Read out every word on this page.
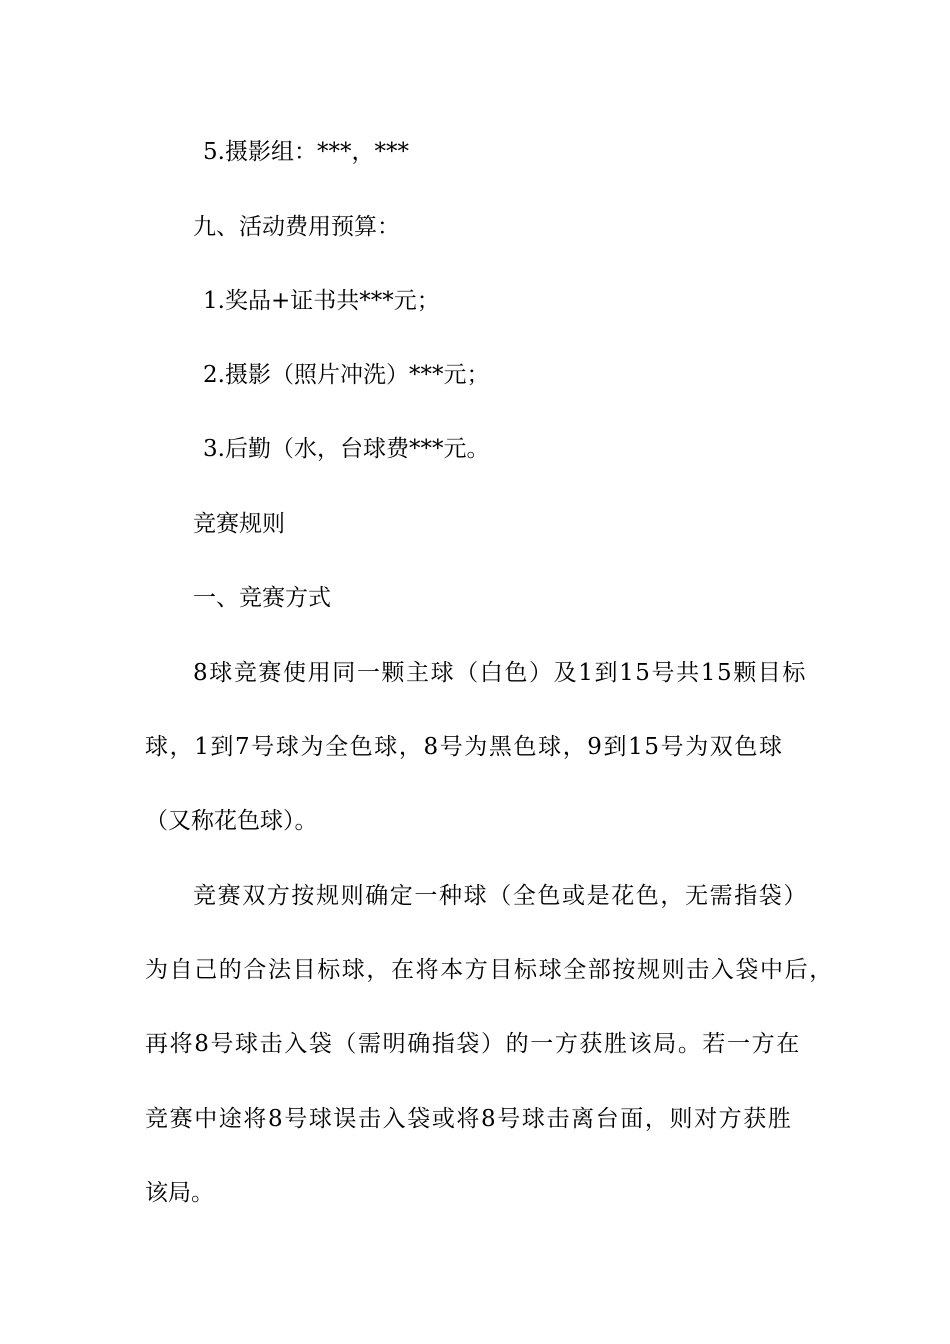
5.摄影组：***，***

九、活动费用预算：

1.奖品+证书共***元；

2.摄影（照片冲洗）***元；

3.后勤（水，台球费***元。

竞赛规则

一、竞赛方式

8球竞赛使用同一颗主球（白色）及1到15号共15颗目标

球，1到7号球为全色球，8号为黑色球，9到15号为双色球

（又称花色球）。

竞赛双方按规则确定一种球（全色或是花色，无需指袋）

为自己的合法目标球，在将本方目标球全部按规则击入袋中后，

再将8号球击入袋（需明确指袋）的一方获胜该局。若一方在

竞赛中途将8号球误击入袋或将8号球击离台面，则对方获胜

该局。
